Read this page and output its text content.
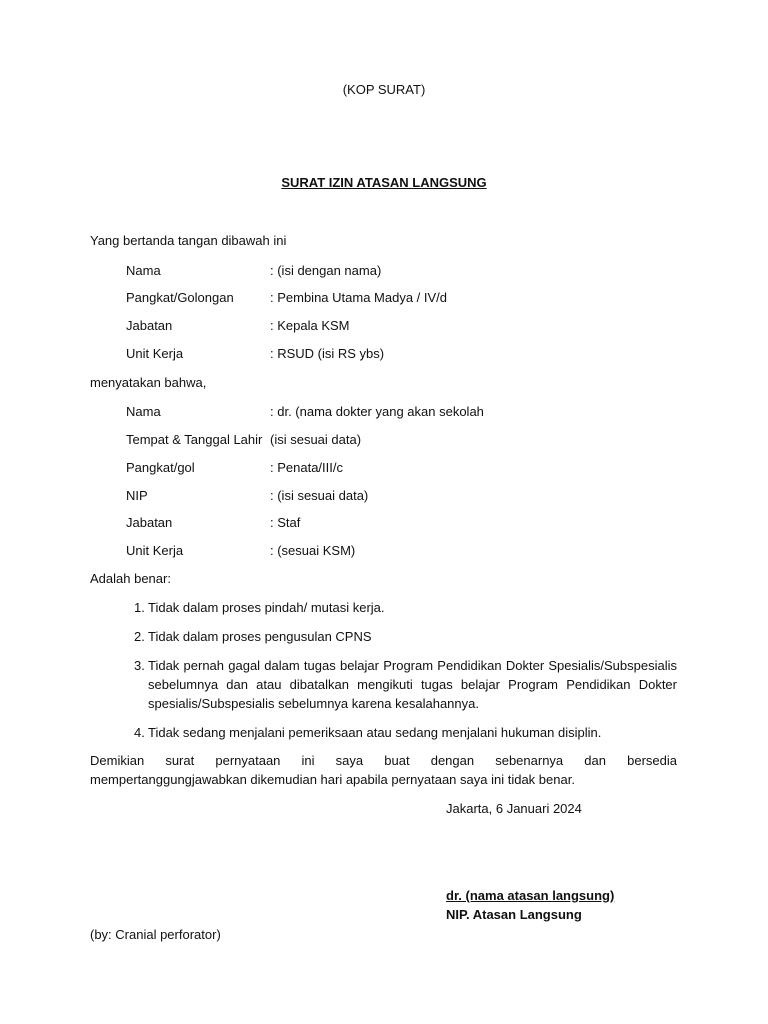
(KOP SURAT)
SURAT IZIN ATASAN LANGSUNG
Yang bertanda tangan dibawah ini
Nama	: (isi dengan nama)
Pangkat/Golongan	: Pembina Utama Madya / IV/d
Jabatan	: Kepala KSM
Unit Kerja	: RSUD (isi RS ybs)
menyatakan bahwa,
Nama	: dr. (nama dokter yang akan sekolah
Tempat & Tanggal Lahir (isi sesuai data)
Pangkat/gol	: Penata/III/c
NIP	: (isi sesuai data)
Jabatan	: Staf
Unit Kerja	: (sesuai KSM)
Adalah benar:
1. Tidak dalam proses pindah/ mutasi kerja.
2. Tidak dalam proses pengusulan CPNS
3. Tidak pernah gagal dalam tugas belajar Program Pendidikan Dokter Spesialis/Subspesialis sebelumnya dan atau dibatalkan mengikuti tugas belajar Program Pendidikan Dokter spesialis/Subspesialis sebelumnya karena kesalahannya.
4. Tidak sedang menjalani pemeriksaan atau sedang menjalani hukuman disiplin.
Demikian surat pernyataan ini saya buat dengan sebenarnya dan bersedia mempertanggungjawabkan dikemudian hari apabila pernyataan saya ini tidak benar.
Jakarta, 6 Januari 2024
dr. (nama atasan langsung)
NIP. Atasan Langsung
(by: Cranial perforator)
